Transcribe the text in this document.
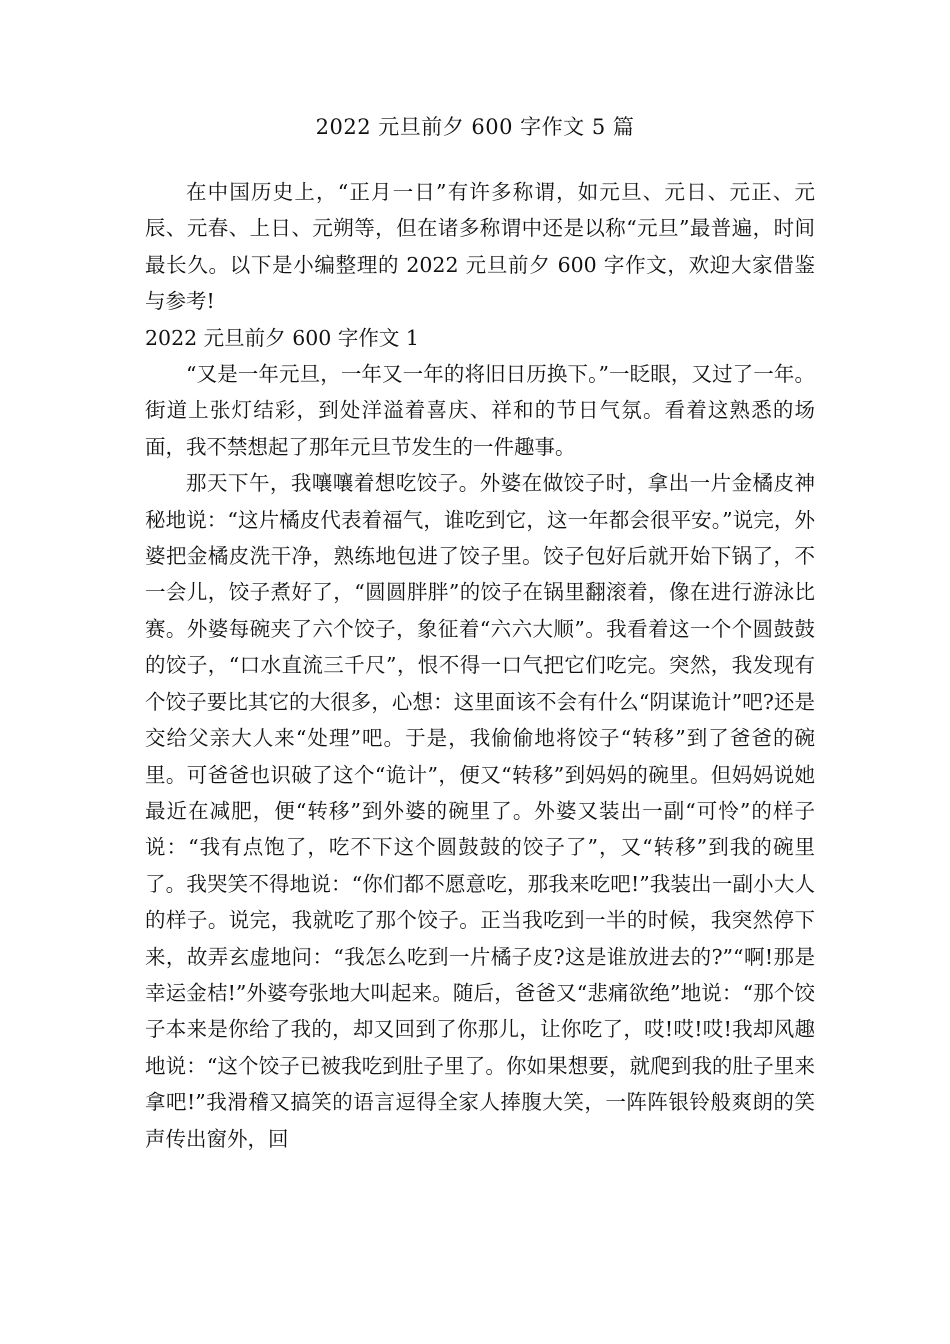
2022 元旦前夕 600 字作文 5 篇

在中国历史上，“正月一日”有许多称谓，如元旦、元日、元正、元辰、元春、上日、元朔等，但在诸多称谓中还是以称“元旦”最普遍，时间最长久。以下是小编整理的 2022 元旦前夕 600 字作文，欢迎大家借鉴与参考!

2022 元旦前夕 600 字作文 1

“又是一年元旦，一年又一年的将旧日历换下。”一眨眼，又过了一年。街道上张灯结彩，到处洋溢着喜庆、祥和的节日气氛。看着这熟悉的场面，我不禁想起了那年元旦节发生的一件趣事。

那天下午，我嚷嚷着想吃饺子。外婆在做饺子时，拿出一片金橘皮神秘地说：“这片橘皮代表着福气，谁吃到它，这一年都会很平安。”说完，外婆把金橘皮洗干净，熟练地包进了饺子里。饺子包好后就开始下锅了，不一会儿，饺子煮好了，“圆圆胖胖”的饺子在锅里翻滚着，像在进行游泳比赛。外婆每碗夹了六个饺子，象征着“六六大顺”。我看着这一个个圆鼓鼓的饺子，“口水直流三千尺”，恨不得一口气把它们吃完。突然，我发现有个饺子要比其它的大很多，心想：这里面该不会有什么“阴谋诡计”吧?还是交给父亲大人来“处理”吧。于是，我偷偷地将饺子“转移”到了爸爸的碗里。可爸爸也识破了这个“诡计”，便又“转移”到妈妈的碗里。但妈妈说她最近在减肥，便“转移”到外婆的碗里了。外婆又装出一副“可怜”的样子说：“我有点饱了，吃不下这个圆鼓鼓的饺子了”，又“转移”到我的碗里了。我哭笑不得地说：“你们都不愿意吃，那我来吃吧!”我装出一副小大人的样子。说完，我就吃了那个饺子。正当我吃到一半的时候，我突然停下来，故弄玄虚地问：“我怎么吃到一片橘子皮?这是谁放进去的?”“啊!那是幸运金桔!”外婆夸张地大叫起来。随后，爸爸又“悲痛欲绝”地说：“那个饺子本来是你给了我的，却又回到了你那儿，让你吃了，哎!哎!哎!我却风趣地说：“这个饺子已被我吃到肚子里了。你如果想要，就爬到我的肚子里来拿吧!”我滑稽又搞笑的语言逗得全家人捧腹大笑，一阵阵银铃般爽朗的笑声传出窗外，回
